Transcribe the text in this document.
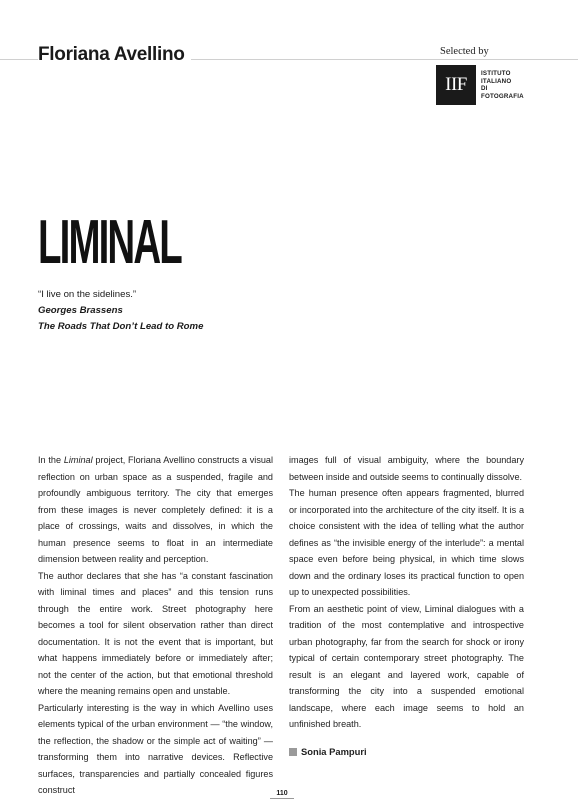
Floriana Avellino	Selected by
IIF
ISTITUTO
ITALIANO
DI
FOTOGRAFIA
LIMINAL
“I live on the sidelines.”
Georges Brassens
The Roads That Don’t Lead to Rome

In the Liminal project, Floriana Avellino constructs a visual reflection on urban space as a suspended, fragile and profoundly ambiguous territory. The city that emerges from these images is never completely defined: it is a place of crossings, waits and dissolves, in which the human presence seems to float in an intermediate dimension between reality and perception.

The author declares that she has “a constant fascination with liminal times and places” and this tension runs through the entire work. Street photography here becomes a tool for silent observation rather than direct documentation. It is not the event that is important, but what happens immediately before or immediately after; not the center of the action, but that emotional threshold where the meaning remains open and unstable.

Particularly interesting is the way in which Avellino uses elements typical of the urban environment — “the window, the reflection, the shadow or the simple act of waiting” — transforming them into narrative devices. Reflective surfaces, transparencies and partially concealed figures construct

images full of visual ambiguity, where the boundary between inside and outside seems to continually dissolve.

The human presence often appears fragmented, blurred or incorporated into the architecture of the city itself. It is a choice consistent with the idea of telling what the author defines as “the invisible energy of the interlude”: a mental space even before being physical, in which time slows down and the ordinary loses its practical function to open up to unexpected possibilities.

From an aesthetic point of view, Liminal dialogues with a tradition of the most contemplative and introspective urban photography, far from the search for shock or irony typical of certain contemporary street photography. The result is an elegant and layered work, capable of transforming the city into a suspended emotional landscape, where each image seems to hold an unfinished breath.

Sonia Pampuri
110
